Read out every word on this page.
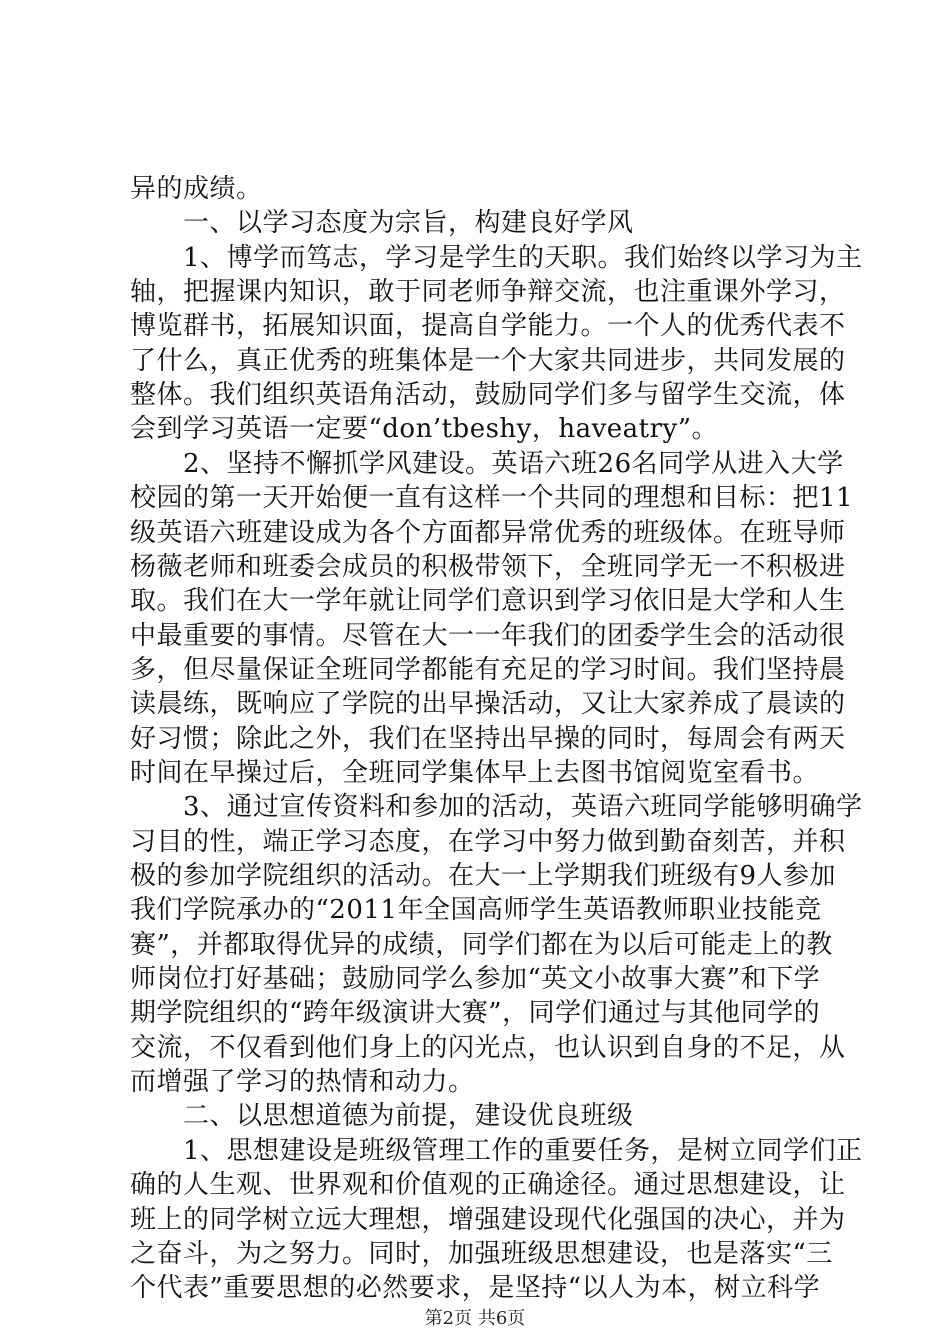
异的成绩。
　　一、以学习态度为宗旨，构建良好学风
　　1、博学而笃志，学习是学生的天职。我们始终以学习为主
轴，把握课内知识，敢于同老师争辩交流，也注重课外学习，
博览群书，拓展知识面，提高自学能力。一个人的优秀代表不
了什么，真正优秀的班集体是一个大家共同进步，共同发展的
整体。我们组织英语角活动，鼓励同学们多与留学生交流，体
会到学习英语一定要“don’tbeshy，haveatry”。
　　2、坚持不懈抓学风建设。英语六班26名同学从进入大学
校园的第一天开始便一直有这样一个共同的理想和目标：把11
级英语六班建设成为各个方面都异常优秀的班级体。在班导师
杨薇老师和班委会成员的积极带领下，全班同学无一不积极进
取。我们在大一学年就让同学们意识到学习依旧是大学和人生
中最重要的事情。尽管在大一一年我们的团委学生会的活动很
多，但尽量保证全班同学都能有充足的学习时间。我们坚持晨
读晨练，既响应了学院的出早操活动，又让大家养成了晨读的
好习惯；除此之外，我们在坚持出早操的同时，每周会有两天
时间在早操过后，全班同学集体早上去图书馆阅览室看书。
　　3、通过宣传资料和参加的活动，英语六班同学能够明确学
习目的性，端正学习态度，在学习中努力做到勤奋刻苦，并积
极的参加学院组织的活动。在大一上学期我们班级有9人参加
我们学院承办的“2011年全国高师学生英语教师职业技能竞
赛”，并都取得优异的成绩，同学们都在为以后可能走上的教
师岗位打好基础；鼓励同学么参加“英文小故事大赛”和下学
期学院组织的“跨年级演讲大赛”，同学们通过与其他同学的
交流，不仅看到他们身上的闪光点，也认识到自身的不足，从
而增强了学习的热情和动力。
　　二、以思想道德为前提，建设优良班级
　　1、思想建设是班级管理工作的重要任务，是树立同学们正
确的人生观、世界观和价值观的正确途径。通过思想建设，让
班上的同学树立远大理想，增强建设现代化强国的决心，并为
之奋斗，为之努力。同时，加强班级思想建设，也是落实“三
个代表”重要思想的必然要求，是坚持“以人为本，树立科学
第2页 共6页
